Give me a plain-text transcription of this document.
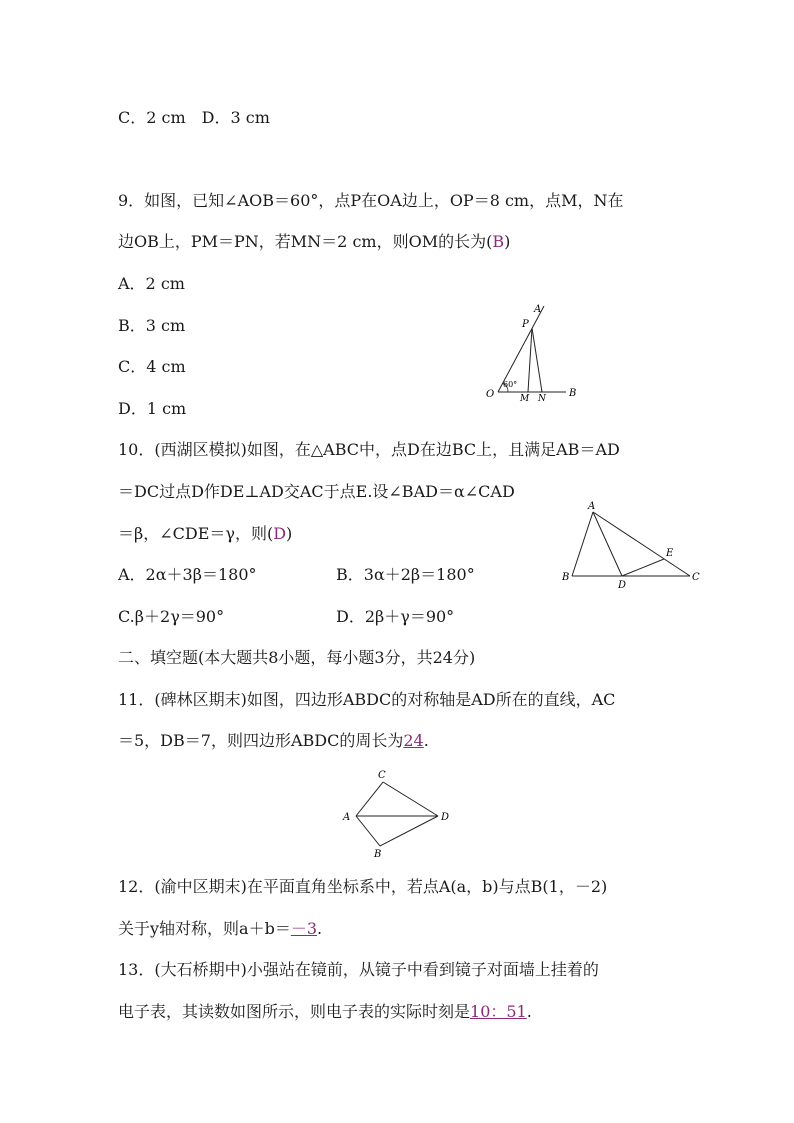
C．2 cm　D．3 cm
9．如图，已知∠AOB＝60°，点P在OA边上，OP＝8 cm，点M，N在
边OB上，PM＝PN，若MN＝2 cm，则OM的长为(B)
A．2 cm
B．3 cm
C．4 cm
D．1 cm
A
P
O
60°
M N B
10．(西湖区模拟)如图，在△ABC中，点D在边BC上，且满足AB＝AD
＝DC过点D作DE⊥AD交AC于点E.设∠BAD＝α∠CAD
＝β，∠CDE＝γ，则(D)
A．2α＋3β＝180°	B．3α＋2β＝180°
C.β＋2γ＝90°	D．2β＋γ＝90°
A
E
B
D
C
二、填空题(本大题共8小题，每小题3分，共24分)
11．(碑林区期末)如图，四边形ABDC的对称轴是AD所在的直线，AC
＝5，DB＝7，则四边形ABDC的周长为24.
C
A	D
B
12．(渝中区期末)在平面直角坐标系中，若点A(a，b)与点B(1，－2)
关于y轴对称，则a＋b＝－3.
13．(大石桥期中)小强站在镜前，从镜子中看到镜子对面墙上挂着的
电子表，其读数如图所示，则电子表的实际时刻是10：51.
